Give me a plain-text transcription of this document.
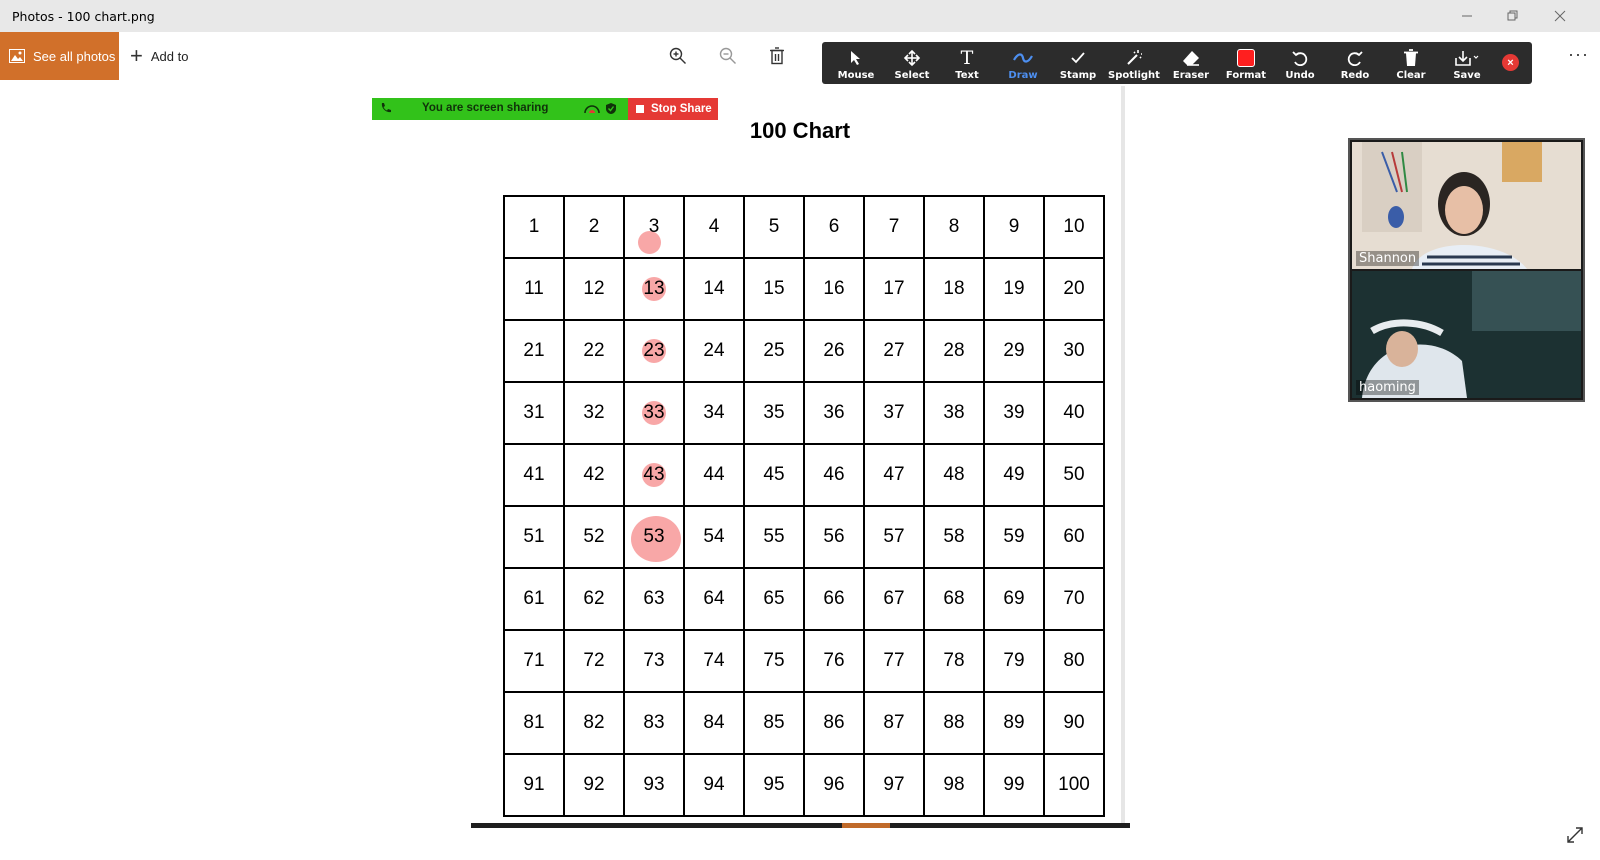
Photos - 100 chart.png
See all photos + Add to	···
Mouse Select
T
Text	Draw Stamp Spotlight Eraser Format Undo	Redo	Clear	Save
×
You are screen sharing	Stop Share
100 Chart
1	2	3	4	5	6	7	8	9	10
11	12	13	14	15	16	17	18	19	20
21	22	23	24	25	26	27	28	29	30
31	32	33	34	35	36	37	38	39	40
41	42	43	44	45	46	47	48	49	50
51	52	53	54	55	56	57	58	59	60
61	62	63	64	65	66	67	68	69	70
71	72	73	74	75	76	77	78	79	80
81	82	83	84	85	86	87	88	89	90
91	92	93	94	95	96	97	98	99	100
Shannon
haoming
